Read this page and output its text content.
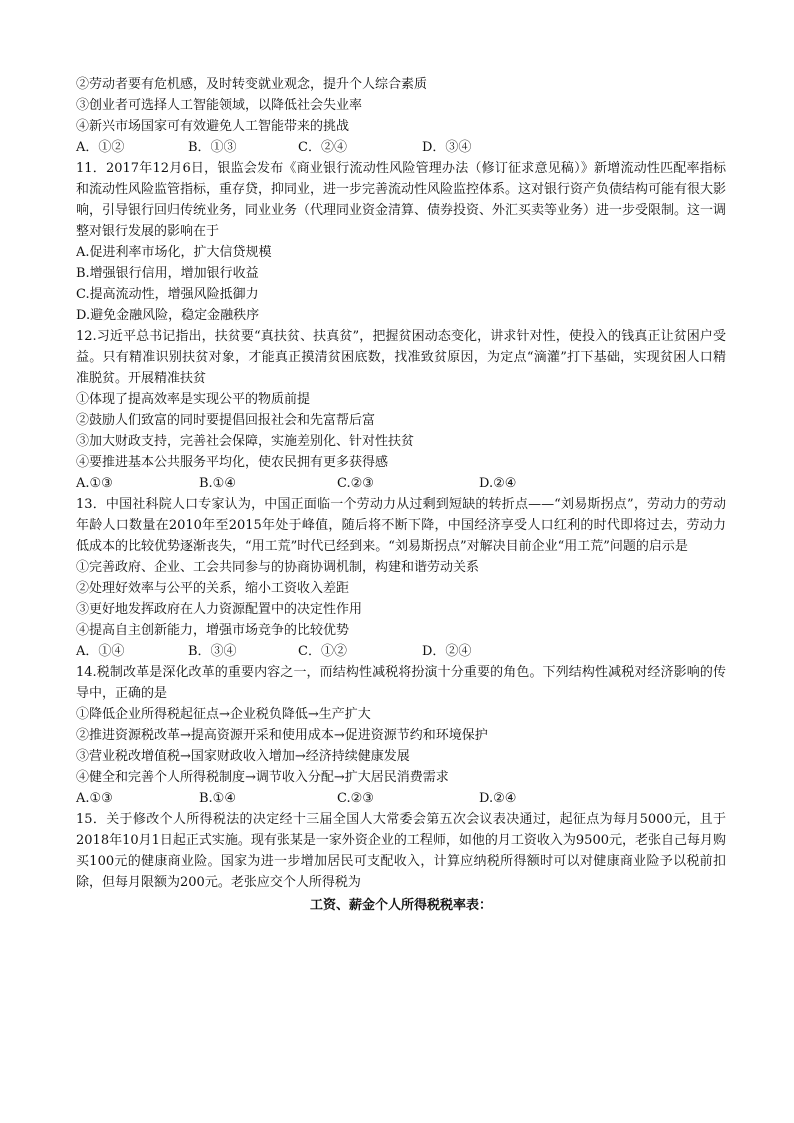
②劳动者要有危机感，及时转变就业观念，提升个人综合素质
③创业者可选择人工智能领域，以降低社会失业率
④新兴市场国家可有效避免人工智能带来的挑战
A．①②	B．①③	C．②④	D．③④
11．2017年12月6日，银监会发布《商业银行流动性风险管理办法（修订征求意见稿）》新增流动性匹配率指标和流动性风险监管指标，重存贷，抑同业，进一步完善流动性风险监控体系。这对银行资产负债结构可能有很大影响，引导银行回归传统业务，同业业务（代理同业资金清算、债券投资、外汇买卖等业务）进一步受限制。这一调整对银行发展的影响在于
A.促进利率市场化，扩大信贷规模
B.增强银行信用，增加银行收益
C.提高流动性，增强风险抵御力
D.避免金融风险，稳定金融秩序
12.习近平总书记指出，扶贫要“真扶贫、扶真贫”，把握贫困动态变化，讲求针对性，使投入的钱真正让贫困户受益。只有精准识别扶贫对象，才能真正摸清贫困底数，找准致贫原因，为定点“滴灌”打下基础，实现贫困人口精准脱贫。开展精准扶贫
①体现了提高效率是实现公平的物质前提
②鼓励人们致富的同时要提倡回报社会和先富帮后富
③加大财政支持，完善社会保障，实施差别化、针对性扶贫
④要推进基本公共服务平均化，使农民拥有更多获得感
A.①③	B.①④	C.②③	D.②④
13．中国社科院人口专家认为，中国正面临一个劳动力从过剩到短缺的转折点——“刘易斯拐点”，劳动力的劳动年龄人口数量在2010年至2015年处于峰值，随后将不断下降，中国经济享受人口红利的时代即将过去，劳动力低成本的比较优势逐渐丧失，“用工荒”时代已经到来。“刘易斯拐点”对解决目前企业“用工荒”问题的启示是
①完善政府、企业、工会共同参与的协商协调机制，构建和谐劳动关系
②处理好效率与公平的关系，缩小工资收入差距
③更好地发挥政府在人力资源配置中的决定性作用
④提高自主创新能力，增强市场竞争的比较优势
A．①④	B．③④	C．①②	D．②④
14.税制改革是深化改革的重要内容之一，而结构性减税将扮演十分重要的角色。下列结构性减税对经济影响的传导中，正确的是
①降低企业所得税起征点→企业税负降低→生产扩大
②推进资源税改革→提高资源开采和使用成本→促进资源节约和环境保护
③营业税改增值税→国家财政收入增加→经济持续健康发展
④健全和完善个人所得税制度→调节收入分配→扩大居民消费需求
A.①③	B.①④	C.②③	D.②④
15．关于修改个人所得税法的决定经十三届全国人大常委会第五次会议表决通过，起征点为每月5000元，且于2018年10月1日起正式实施。现有张某是一家外资企业的工程师，如他的月工资收入为9500元，老张自己每月购买100元的健康商业险。国家为进一步增加居民可支配收入，计算应纳税所得额时可以对健康商业险予以税前扣除，但每月限额为200元。老张应交个人所得税为
工资、薪金个人所得税税率表：
